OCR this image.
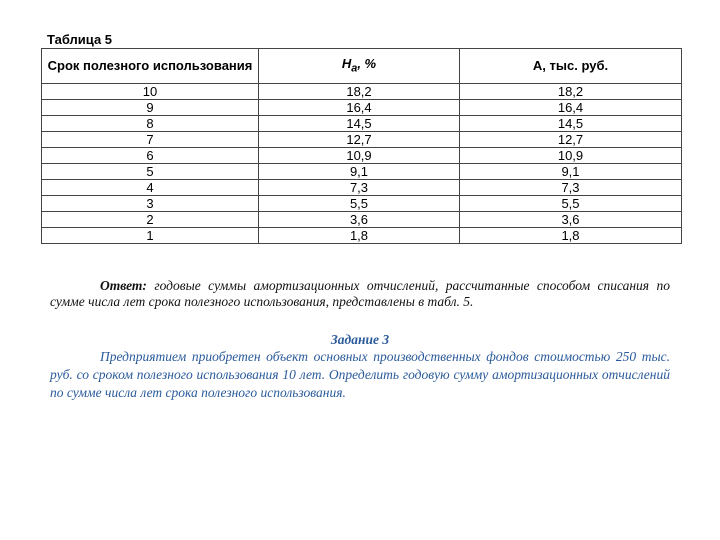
Таблица 5
Срок полезного использования	$Н_а$, %	А, тыс. руб.
10	18,2	18,2
9	16,4	16,4
8	14,5	14,5
7	12,7	12,7
6	10,9	10,9
5	9,1	9,1
4	7,3	7,3
3	5,5	5,5
2	3,6	3,6
1	1,8	1,8

Ответ: годовые суммы амортизационных отчислений, рассчитанные способом списания по сумме числа лет срока полезного использования, представлены в табл. 5.

Задание 3

Предприятием приобретен объект основных производственных фондов стоимостью 250 тыс. руб. со сроком полезного использования 10 лет. Определить годовую сумму амортизационных отчислений по сумме числа лет срока полезного использования.
